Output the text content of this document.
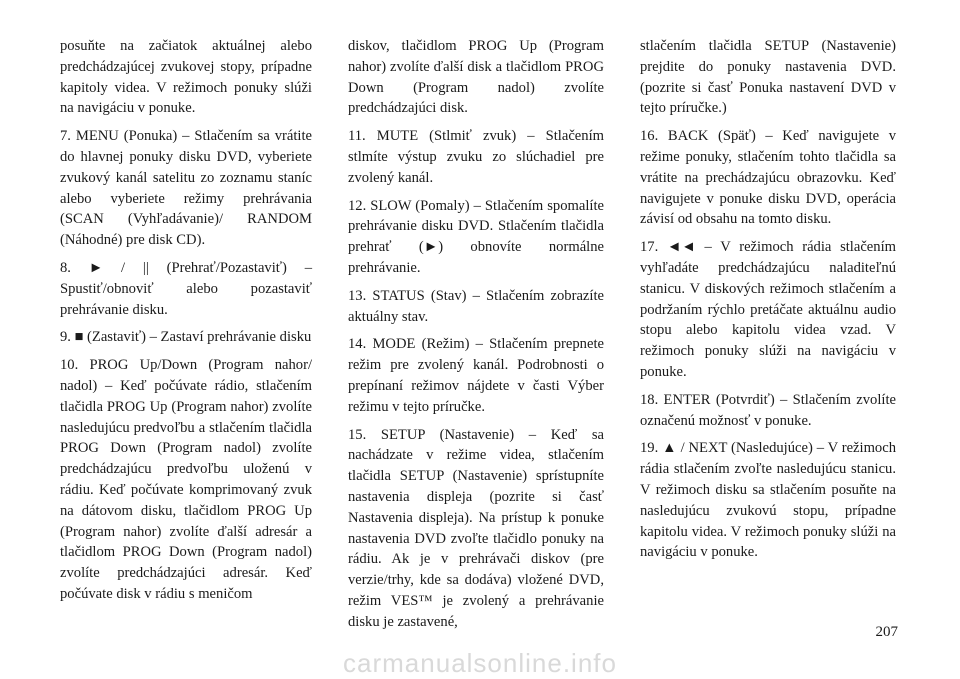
posuňte na začiatok aktuálnej alebo predchádzajúcej zvukovej stopy, prípadne kapitoly videa. V režimoch ponuky slúži na navigáciu v ponuke.

7. MENU (Ponuka) – Stlačením sa vrátite do hlavnej ponuky disku DVD, vyberiete zvukový kanál satelitu zo zoznamu staníc alebo vyberiete režimy prehrávania (SCAN (Vyhľadávanie)/ RANDOM (Náhodné) pre disk CD).

8. ► / || (Prehrať/Pozastaviť) – Spustiť/obnoviť alebo pozastaviť prehrávanie disku.

9. ■ (Zastaviť) – Zastaví prehrávanie disku

10. PROG Up/Down (Program nahor/ nadol) – Keď počúvate rádio, stlačením tlačidla PROG Up (Program nahor) zvolíte nasledujúcu predvoľbu a stlačením tlačidla PROG Down (Program nadol) zvolíte predchádzajúcu predvoľbu uloženú v rádiu. Keď počúvate komprimovaný zvuk na dátovom disku, tlačidlom PROG Up (Program nahor) zvolíte ďalší adresár a tlačidlom PROG Down (Program nadol) zvolíte predchádzajúci adresár. Keď počúvate disk v rádiu s meničom

diskov, tlačidlom PROG Up (Program nahor) zvolíte ďalší disk a tlačidlom PROG Down (Program nadol) zvolíte predchádzajúci disk.

11. MUTE (Stlmiť zvuk) – Stlačením stlmíte výstup zvuku zo slúchadiel pre zvolený kanál.

12. SLOW (Pomaly) – Stlačením spomalíte prehrávanie disku DVD. Stlačením tlačidla prehrať (►) obnovíte normálne prehrávanie.

13. STATUS (Stav) – Stlačením zobrazíte aktuálny stav.

14. MODE (Režim) – Stlačením prepnete režim pre zvolený kanál. Podrobnosti o prepínaní režimov nájdete v časti Výber režimu v tejto príručke.

15. SETUP (Nastavenie) – Keď sa nachádzate v režime videa, stlačením tlačidla SETUP (Nastavenie) sprístupníte nastavenia displeja (pozrite si časť Nastavenia displeja). Na prístup k ponuke nastavenia DVD zvoľte tlačidlo ponuky na rádiu. Ak je v prehrávači diskov (pre verzie/trhy, kde sa dodáva) vložené DVD, režim VES™ je zvolený a prehrávanie disku je zastavené,

stlačením tlačidla SETUP (Nastavenie) prejdite do ponuky nastavenia DVD. (pozrite si časť Ponuka nastavení DVD v tejto príručke.)

16. BACK (Späť) – Keď navigujete v režime ponuky, stlačením tohto tlačidla sa vrátite na prechádzajúcu obrazovku. Keď navigujete v ponuke disku DVD, operácia závisí od obsahu na tomto disku.

17. ◄◄ – V režimoch rádia stlačením vyhľadáte predchádzajúcu naladiteľnú stanicu. V diskových režimoch stlačením a podržaním rýchlo pretáčate aktuálnu audio stopu alebo kapitolu videa vzad. V režimoch ponuky slúži na navigáciu v ponuke.

18. ENTER (Potvrdiť) – Stlačením zvolíte označenú možnosť v ponuke.

19. ▲ / NEXT (Nasledujúce) – V režimoch rádia stlačením zvoľte nasledujúcu stanicu. V režimoch disku sa stlačením posuňte na nasledujúcu zvukovú stopu, prípadne kapitolu videa. V režimoch ponuky slúži na navigáciu v ponuke.

207
carmanualsonline.info
